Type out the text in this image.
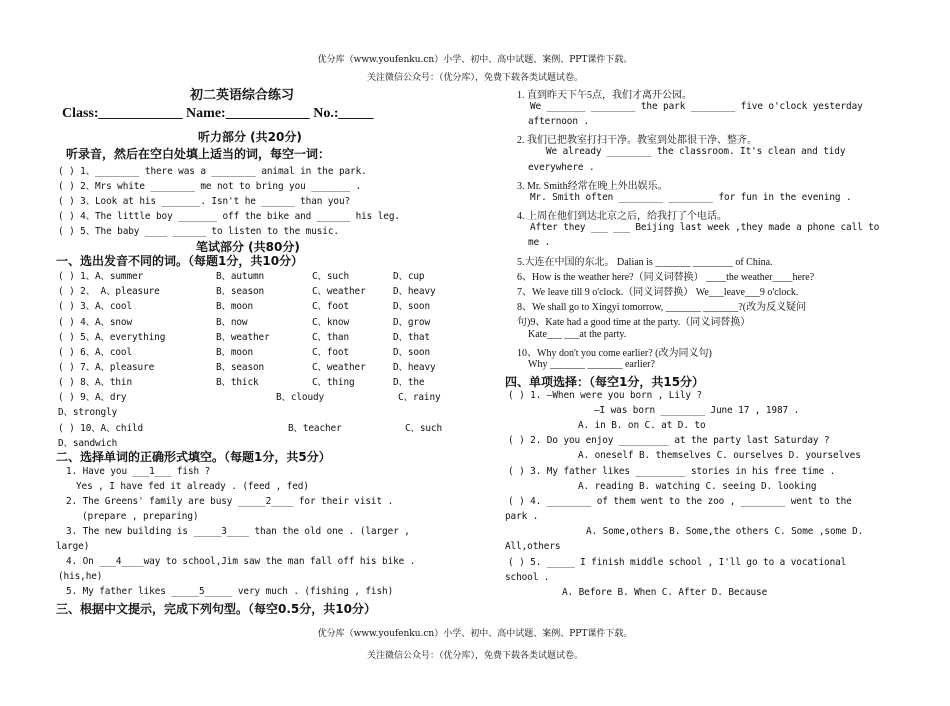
优分库（www.youfenku.cn）小学、初中、高中试题、案例、PPT课件下载。
关注微信公众号：（优分库），免费下载各类试题试卷。
初二英语综合练习
Class:____________ Name:____________ No.:_____
听力部分 (共20分)
听录音，然后在空白处填上适当的词，每空一词：
( ) 1、________ there was a ________ animal in the park.
( ) 2、Mrs white ________ me not to bring you _______ .
( ) 3、Look at his _______. Isn't he ______ than you?
( ) 4、The little boy _______ off the bike and ______ his leg.
( ) 5、The baby ____ ______ to listen to the music.
笔试部分 (共80分)
一、选出发音不同的词。（每题1分，共10分）
( ) 1、A、summer	B、autumn	C、such	D、cup
( ) 2、 A、pleasure	B、season	C、weather	D、heavy
( ) 3、A、cool	B、moon	C、foot	D、soon
( ) 4、A、snow	B、now	C、know	D、grow
( ) 5、A、everything	B、weather	C、than	D、that
( ) 6、A、cool	B、moon	C、foot	D、soon
( ) 7、A、pleasure	B、season	C、weather	D、heavy
( ) 8、A、thin	B、thick	C、thing	D、the
( ) 9、A、dry	B、cloudy	C、rainy
D、strongly
( ) 10、A、child	B、teacher	C、such
D、sandwich
二、选择单词的正确形式填空。（每题1分，共5分）
1. Have you ___1___ fish ?
Yes , I have fed it already . (feed , fed)
2. The Greens' family are busy _____2____ for their visit .
(prepare , preparing)
3. The new building is _____3____ than the old one . (larger ,
large)
4. On ___4____way to school,Jim saw the man fall off his bike .
(his,he)
5. My father likes _____5_____ very much . (fishing , fish)
三、根据中文提示，完成下列句型。（每空0.5分，共10分）
1. 直到昨天下午5点，我们才离开公园。
We _______ ________ the park ________ five o'clock yesterday
afternoon .
2. 我们已把教室打扫干净。教室到处都很干净、整齐。
We already ________ the classroom. It's clean and tidy
everywhere .
3. Mr. Smith经常在晚上外出娱乐。
Mr. Smith often ________ ________ for fun in the evening .
4. 上周在他们到达北京之后，给我打了个电话。
After they ___ ___ Beijing last week ,they made a phone call to
me .
5.大连在中国的东北。 Dalian is _______ ________ of China.
6、How is the weather here?（同义词替换） ____the weather____here?
7、We leave till 9 o'clock.（同义词替换） We___leave___9 o'clock.
8、We shall go to Xingyi tomorrow, _______ _______?(改为反义疑问
句)9、Kate had a good time at the party.（同义词替换）
Kate___ ___at the party.
10、Why don't you come earlier? (改为同义句)
Why _______ _______ earlier?
四、单项选择：（每空1分，共15分）
( ) 1. —When were you born , Lily ?
—I was born ________ June 17 , 1987 .
A. in B. on C. at D. to
( ) 2. Do you enjoy _________ at the party last Saturday ?
A. oneself B. themselves C. ourselves D. yourselves
( ) 3. My father likes _________ stories in his free time .
A. reading B. watching C. seeing D. looking
( ) 4. ________ of them went to the zoo , ________ went to the
park .
A. Some,others B. Some,the others C. Some ,some D.
All,others
( ) 5. _____ I finish middle school , I'll go to a vocational
school .
A. Before B. When C. After D. Because
优分库（www.youfenku.cn）小学、初中、高中试题、案例、PPT课件下载。
关注微信公众号：（优分库），免费下载各类试题试卷。
